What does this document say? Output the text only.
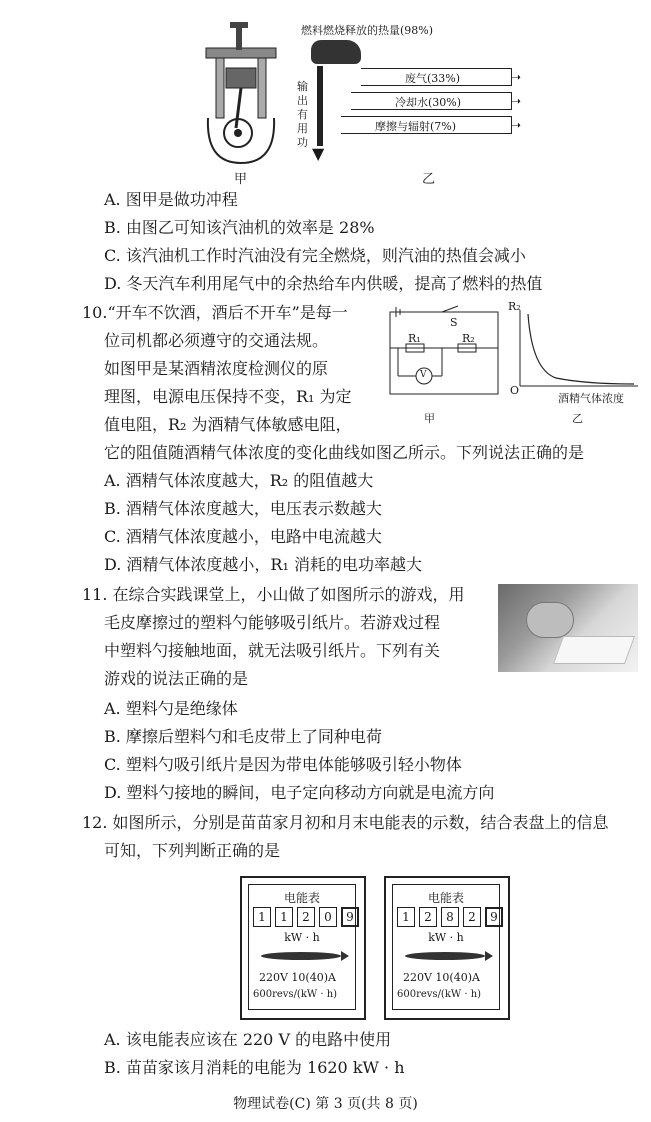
甲
燃料燃烧释放的热量(98%)
废气(33%)	➝
冷却水(30%)	➝
摩擦与辐射(7%)	➝
输出有用功
▼
乙
A. 图甲是做功冲程
B. 由图乙可知该汽油机的效率是 28%
C. 该汽油机工作时汽油没有完全燃烧，则汽油的热值会减小
D. 冬天汽车利用尾气中的余热给车内供暖，提高了燃料的热值
10.“开车不饮酒，酒后不开车”是每一
位司机都必须遵守的交通法规。
如图甲是某酒精浓度检测仪的原
理图，电源电压保持不变，R₁ 为定
值电阻，R₂ 为酒精气体敏感电阻，
它的阻值随酒精气体浓度的变化曲线如图乙所示。下列说法正确的是
S
R₁	R₂
V
甲
R₂
O
酒精气体浓度
乙
A. 酒精气体浓度越大，R₂ 的阻值越大
B. 酒精气体浓度越大，电压表示数越大
C. 酒精气体浓度越小，电路中电流越大
D. 酒精气体浓度越小，R₁ 消耗的电功率越大
11. 在综合实践课堂上，小山做了如图所示的游戏，用
毛皮摩擦过的塑料勺能够吸引纸片。若游戏过程
中塑料勺接触地面，就无法吸引纸片。下列有关
游戏的说法正确的是
A. 塑料勺是绝缘体
B. 摩擦后塑料勺和毛皮带上了同种电荷
C. 塑料勺吸引纸片是因为带电体能够吸引轻小物体
D. 塑料勺接地的瞬间，电子定向移动方向就是电流方向
12. 如图所示，分别是苗苗家月初和月末电能表的示数，结合表盘上的信息
可知，下列判断正确的是
电能表
1	1	2	0	9
kW · h
220V 10(40)A
600revs/(kW · h)
电能表
1	2	8	2	9
kW · h
220V 10(40)A
600revs/(kW · h)
A. 该电能表应该在 220 V 的电路中使用
B. 苗苗家该月消耗的电能为 1620 kW · h
物理试卷(C) 第 3 页(共 8 页)
